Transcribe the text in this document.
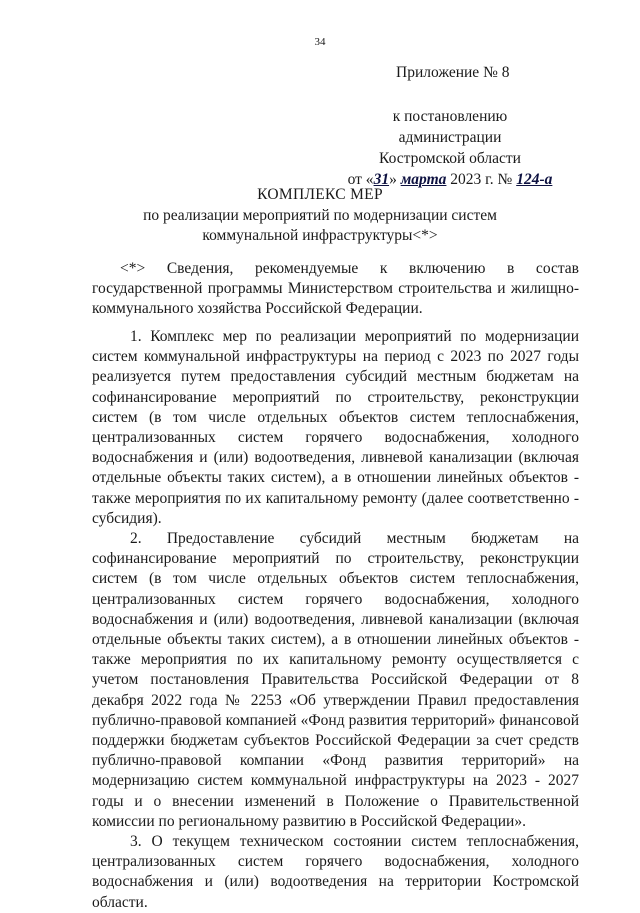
34
Приложение № 8
к постановлению администрации
Костромской области
от «31» марта 2023 г. № 124-а
КОМПЛЕКС МЕР
по реализации мероприятий по модернизации систем
коммунальной инфраструктуры<*>

<*> Сведения, рекомендуемые к включению в состав государственной программы Министерством строительства и жилищно-коммунального хозяйства Российской Федерации.

1. Комплекс мер по реализации мероприятий по модернизации систем коммунальной инфраструктуры на период с 2023 по 2027 годы реализуется путем предоставления субсидий местным бюджетам на софинансирование мероприятий по строительству, реконструкции систем (в том числе отдельных объектов систем теплоснабжения, централизованных систем горячего водоснабжения, холодного водоснабжения и (или) водоотведения, ливневой канализации (включая отдельные объекты таких систем), а в отношении линейных объектов - также мероприятия по их капитальному ремонту (далее соответственно - субсидия).

2. Предоставление субсидий местным бюджетам на софинансирование мероприятий по строительству, реконструкции систем (в том числе отдельных объектов систем теплоснабжения, централизованных систем горячего водоснабжения, холодного водоснабжения и (или) водоотведения, ливневой канализации (включая отдельные объекты таких систем), а в отношении линейных объектов - также мероприятия по их капитальному ремонту осуществляется с учетом постановления Правительства Российской Федерации от 8 декабря 2022 года № 2253 «Об утверждении Правил предоставления публично-правовой компанией «Фонд развития территорий» финансовой поддержки бюджетам субъектов Российской Федерации за счет средств публично-правовой компании «Фонд развития территорий» на модернизацию систем коммунальной инфраструктуры на 2023 - 2027 годы и о внесении изменений в Положение о Правительственной комиссии по региональному развитию в Российской Федерации».

3. О текущем техническом состоянии систем теплоснабжения, централизованных систем горячего водоснабжения, холодного водоснабжения и (или) водоотведения на территории Костромской области.
